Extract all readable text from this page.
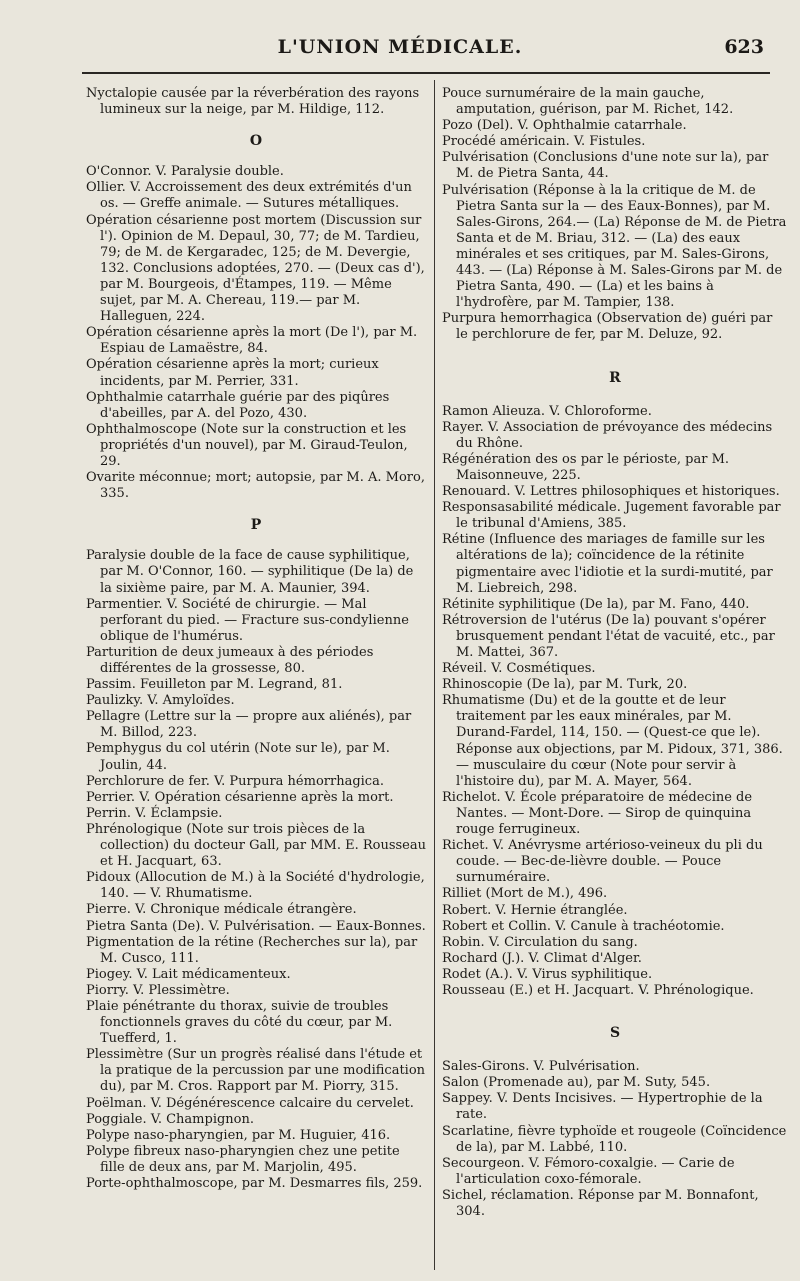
L'UNION MÉDICALE.	623

Nyctalopie causée par la réverbération des rayons lumineux sur la neige, par M. Hildige, 112.

O

O'Connor. V. Paralysie double.

Ollier. V. Accroissement des deux extrémités d'un os. — Greffe animale. — Sutures métalliques.

Opération césarienne post mortem (Discussion sur l'). Opinion de M. Depaul, 30, 77; de M. Tardieu, 79; de M. de Kergaradec, 125; de M. Devergie, 132. Conclusions adoptées, 270. — (Deux cas d'), par M. Bourgeois, d'Étampes, 119. — Même sujet, par M. A. Chereau, 119.— par M. Halleguen, 224.

Opération césarienne après la mort (De l'), par M. Espiau de Lamaëstre, 84.

Opération césarienne après la mort; curieux incidents, par M. Perrier, 331.

Ophthalmie catarrhale guérie par des piqûres d'abeilles, par A. del Pozo, 430.

Ophthalmoscope (Note sur la construction et les propriétés d'un nouvel), par M. Giraud-Teulon, 29.

Ovarite méconnue; mort; autopsie, par M. A. Moro, 335.

P

Paralysie double de la face de cause syphilitique, par M. O'Connor, 160. — syphilitique (De la) de la sixième paire, par M. A. Maunier, 394.

Parmentier. V. Société de chirurgie. — Mal perforant du pied. — Fracture sus-condylienne oblique de l'humérus.

Parturition de deux jumeaux à des périodes différentes de la grossesse, 80.

Passim. Feuilleton par M. Legrand, 81.

Paulizky. V. Amyloïdes.

Pellagre (Lettre sur la — propre aux aliénés), par M. Billod, 223.

Pemphygus du col utérin (Note sur le), par M. Joulin, 44.

Perchlorure de fer. V. Purpura hémorrhagica.

Perrier. V. Opération césarienne après la mort.

Perrin. V. Éclampsie.

Phrénologique (Note sur trois pièces de la collection) du docteur Gall, par MM. E. Rousseau et H. Jacquart, 63.

Pidoux (Allocution de M.) à la Société d'hydrologie, 140. — V. Rhumatisme.

Pierre. V. Chronique médicale étrangère.

Pietra Santa (De). V. Pulvérisation. — Eaux-Bonnes.

Pigmentation de la rétine (Recherches sur la), par M. Cusco, 111.

Piogey. V. Lait médicamenteux.

Piorry. V. Plessimètre.

Plaie pénétrante du thorax, suivie de troubles fonctionnels graves du côté du cœur, par M. Tuefferd, 1.

Plessimètre (Sur un progrès réalisé dans l'étude et la pratique de la percussion par une modification du), par M. Cros. Rapport par M. Piorry, 315.

Poëlman. V. Dégénérescence calcaire du cervelet.

Poggiale. V. Champignon.

Polype naso-pharyngien, par M. Huguier, 416.

Polype fibreux naso-pharyngien chez une petite fille de deux ans, par M. Marjolin, 495.

Porte-ophthalmoscope, par M. Desmarres fils, 259.

Pouce surnuméraire de la main gauche, amputation, guérison, par M. Richet, 142.

Pozo (Del). V. Ophthalmie catarrhale.

Procédé américain. V. Fistules.

Pulvérisation (Conclusions d'une note sur la), par M. de Pietra Santa, 44.

Pulvérisation (Réponse à la la critique de M. de Pietra Santa sur la — des Eaux-Bonnes), par M. Sales-Girons, 264.— (La) Réponse de M. de Pietra Santa et de M. Briau, 312. — (La) des eaux minérales et ses critiques, par M. Sales-Girons, 443. — (La) Réponse à M. Sales-Girons par M. de Pietra Santa, 490. — (La) et les bains à l'hydrofère, par M. Tampier, 138.

Purpura hemorrhagica (Observation de) guéri par le perchlorure de fer, par M. Deluze, 92.

R

Ramon Alieuza. V. Chloroforme.

Rayer. V. Association de prévoyance des médecins du Rhône.

Régénération des os par le périoste, par M. Maisonneuve, 225.

Renouard. V. Lettres philosophiques et historiques.

Responsasabilité médicale. Jugement favorable par le tribunal d'Amiens, 385.

Rétine (Influence des mariages de famille sur les altérations de la); coïncidence de la rétinite pigmentaire avec l'idiotie et la surdi-mutité, par M. Liebreich, 298.

Rétinite syphilitique (De la), par M. Fano, 440.

Rétroversion de l'utérus (De la) pouvant s'opérer brusquement pendant l'état de vacuité, etc., par M. Mattei, 367.

Réveil. V. Cosmétiques.

Rhinoscopie (De la), par M. Turk, 20.

Rhumatisme (Du) et de la goutte et de leur traitement par les eaux minérales, par M. Durand-Fardel, 114, 150. — (Quest-ce que le). Réponse aux objections, par M. Pidoux, 371, 386. — musculaire du cœur (Note pour servir à l'histoire du), par M. A. Mayer, 564.

Richelot. V. École préparatoire de médecine de Nantes. — Mont-Dore. — Sirop de quinquina rouge ferrugineux.

Richet. V. Anévrysme artérioso-veineux du pli du coude. — Bec-de-lièvre double. — Pouce surnuméraire.

Rilliet (Mort de M.), 496.

Robert. V. Hernie étranglée.

Robert et Collin. V. Canule à trachéotomie.

Robin. V. Circulation du sang.

Rochard (J.). V. Climat d'Alger.

Rodet (A.). V. Virus syphilitique.

Rousseau (E.) et H. Jacquart. V. Phrénologique.

S

Sales-Girons. V. Pulvérisation.

Salon (Promenade au), par M. Suty, 545.

Sappey. V. Dents Incisives. — Hypertrophie de la rate.

Scarlatine, fièvre typhoïde et rougeole (Coïncidence de la), par M. Labbé, 110.

Secourgeon. V. Fémoro-coxalgie. — Carie de l'articulation coxo-fémorale.

Sichel, réclamation. Réponse par M. Bonnafont, 304.
